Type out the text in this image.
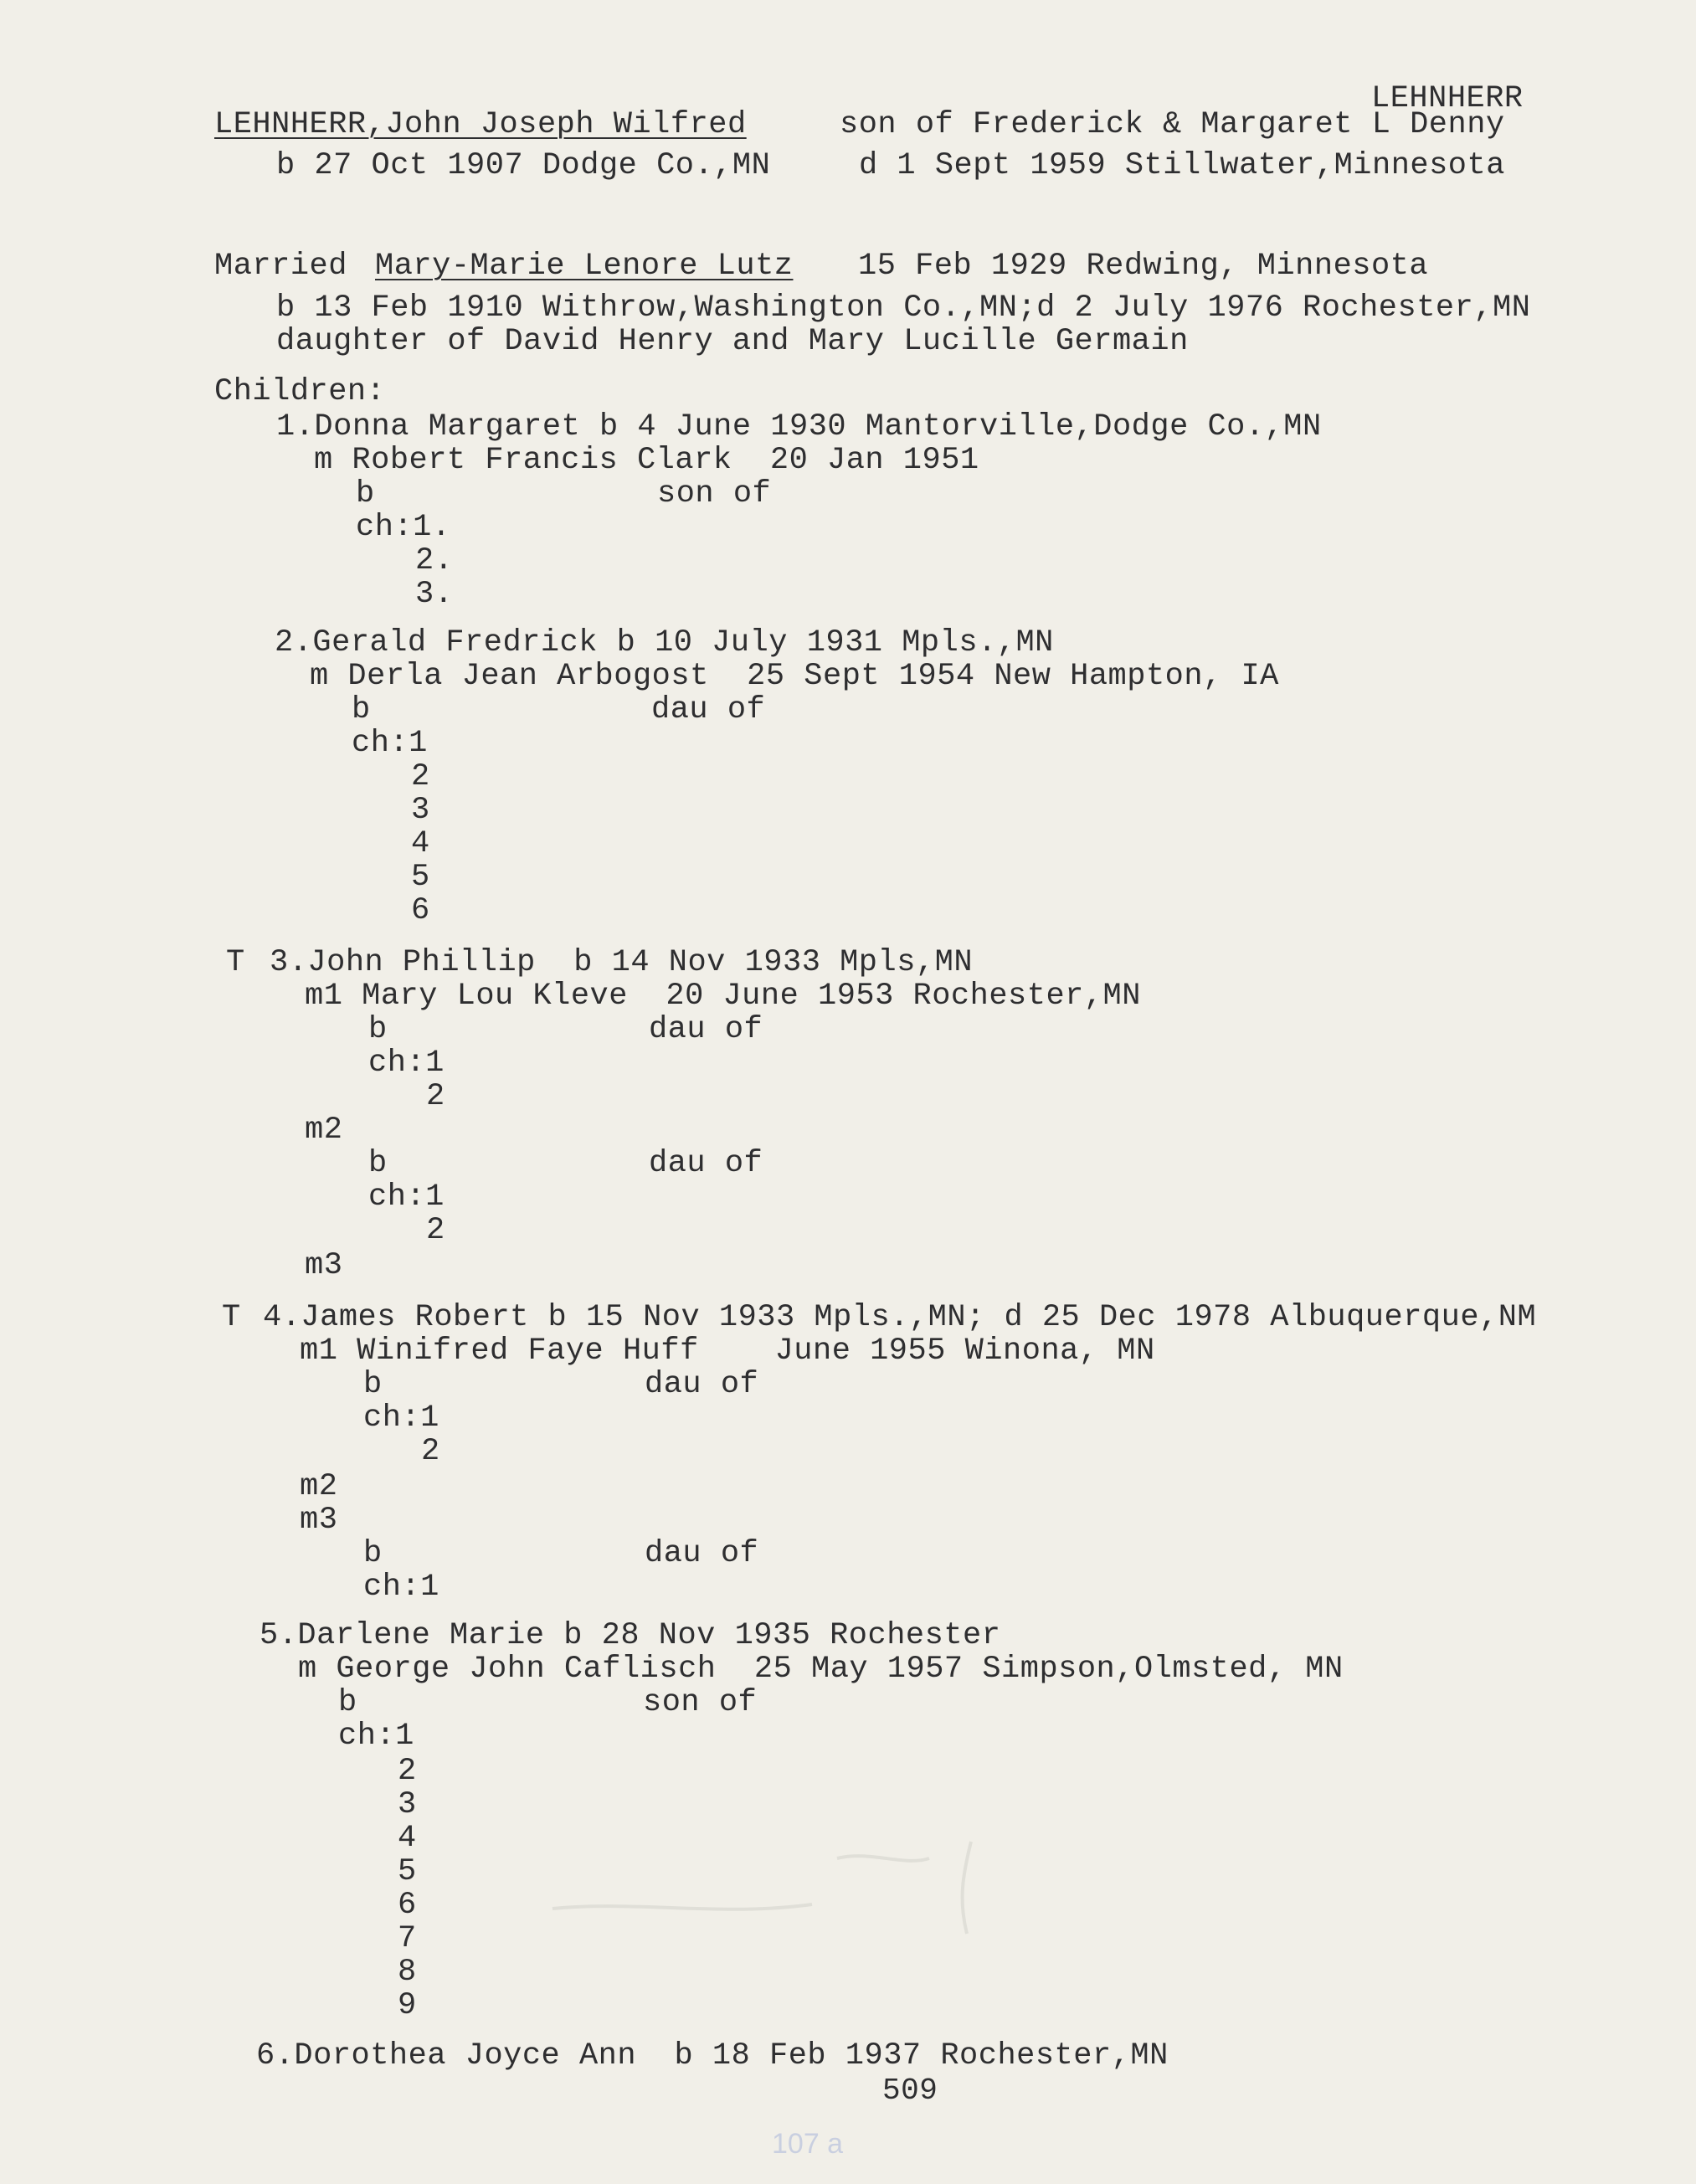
LEHNHERR
LEHNHERR,John Joseph Wilfred	son of Frederick & Margaret L Denny
b 27 Oct 1907 Dodge Co.,MN	d 1 Sept 1959 Stillwater,Minnesota
Married Mary-Marie Lenore Lutz 15 Feb 1929 Redwing, Minnesota
b 13 Feb 1910 Withrow,Washington Co.,MN;d 2 July 1976 Rochester,MN
daughter of David Henry and Mary Lucille Germain
Children:
1.Donna Margaret b 4 June 1930 Mantorville,Dodge Co.,MN
m Robert Francis Clark  20 Jan 1951
b	son of
ch:1.
2.
3.
2.Gerald Fredrick b 10 July 1931 Mpls.,MN
m Derla Jean Arbogost  25 Sept 1954 New Hampton, IA
b	dau of
ch:1
2
3
4
5
6
T 3.John Phillip  b 14 Nov 1933 Mpls,MN
m1 Mary Lou Kleve  20 June 1953 Rochester,MN
b	dau of
ch:1
2
m2
b	dau of
ch:1
2
m3
T 4.James Robert b 15 Nov 1933 Mpls.,MN; d 25 Dec 1978 Albuquerque,NM
m1 Winifred Faye Huff    June 1955 Winona, MN
b	dau of
ch:1
2
m2
m3
b	dau of
ch:1
5.Darlene Marie b 28 Nov 1935 Rochester
m George John Caflisch  25 May 1957 Simpson,Olmsted, MN
b	son of
ch:1
2
3
4
5
6
7
8
9
6.Dorothea Joyce Ann  b 18 Feb 1937 Rochester,MN
509
107 a
